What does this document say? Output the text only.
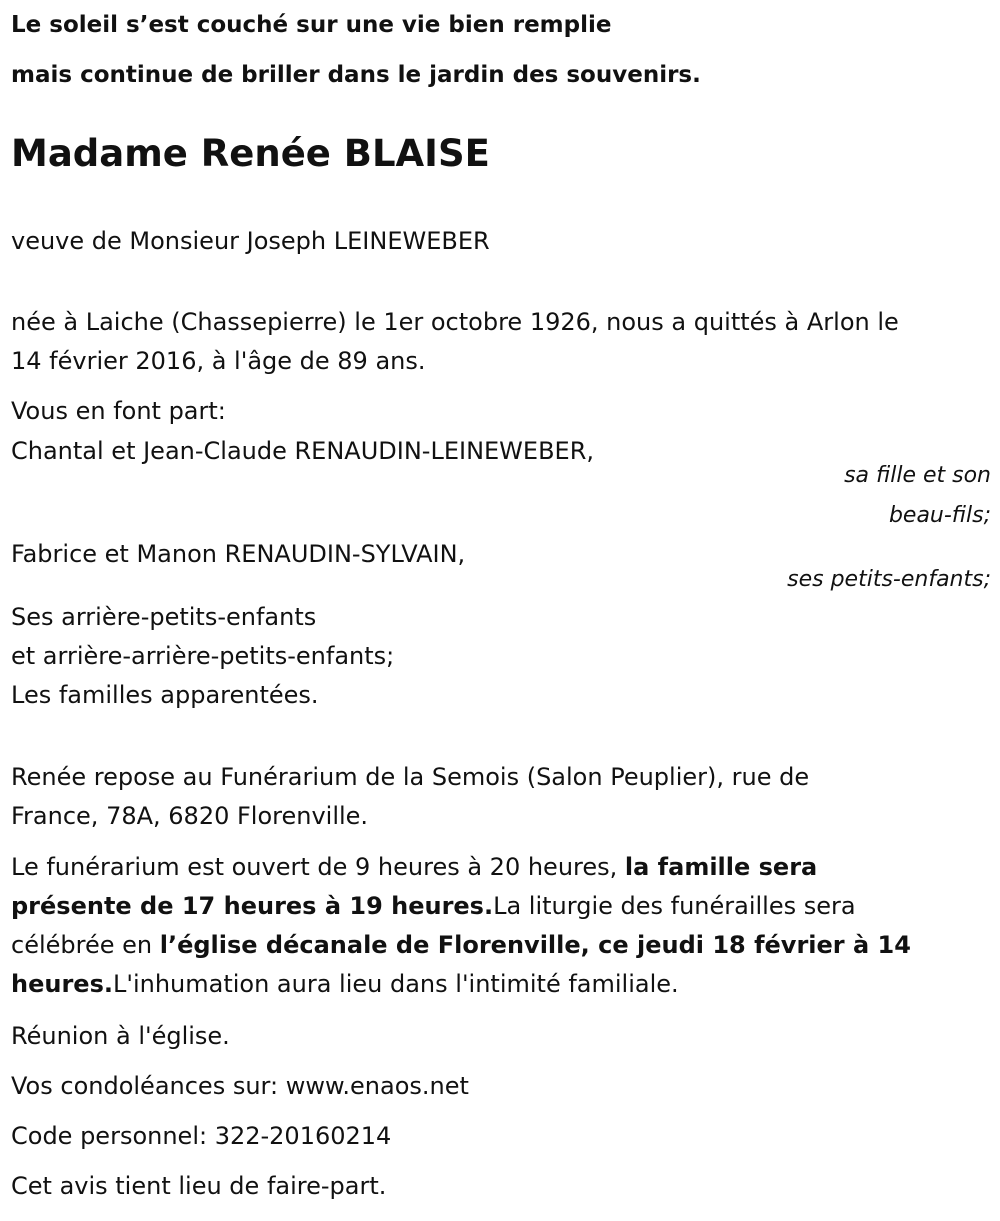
Le soleil s’est couché sur une vie bien remplie
mais continue de briller dans le jardin des souvenirs.

Madame Renée BLAISE

veuve de Monsieur Joseph LEINEWEBER

née à Laiche (Chassepierre) le 1er octobre 1926, nous a quittés à Arlon le
14 février 2016, à l'âge de 89 ans.

Vous en font part:

Chantal et Jean-Claude RENAUDIN-LEINEWEBER,

sa fille et son
beau-fils;

Fabrice et Manon RENAUDIN-SYLVAIN,

ses petits-enfants;

Ses arrière-petits-enfants
et arrière-arrière-petits-enfants;
Les familles apparentées.

Renée repose au Funérarium de la Semois (Salon Peuplier), rue de
France, 78A, 6820 Florenville.

Le funérarium est ouvert de 9 heures à 20 heures, la famille sera
présente de 17 heures à 19 heures.La liturgie des funérailles sera
célébrée en l’église décanale de Florenville, ce jeudi 18 février à 14
heures.L'inhumation aura lieu dans l'intimité familiale.

Réunion à l'église.

Vos condoléances sur: www.enaos.net

Code personnel: 322-20160214

Cet avis tient lieu de faire-part.
